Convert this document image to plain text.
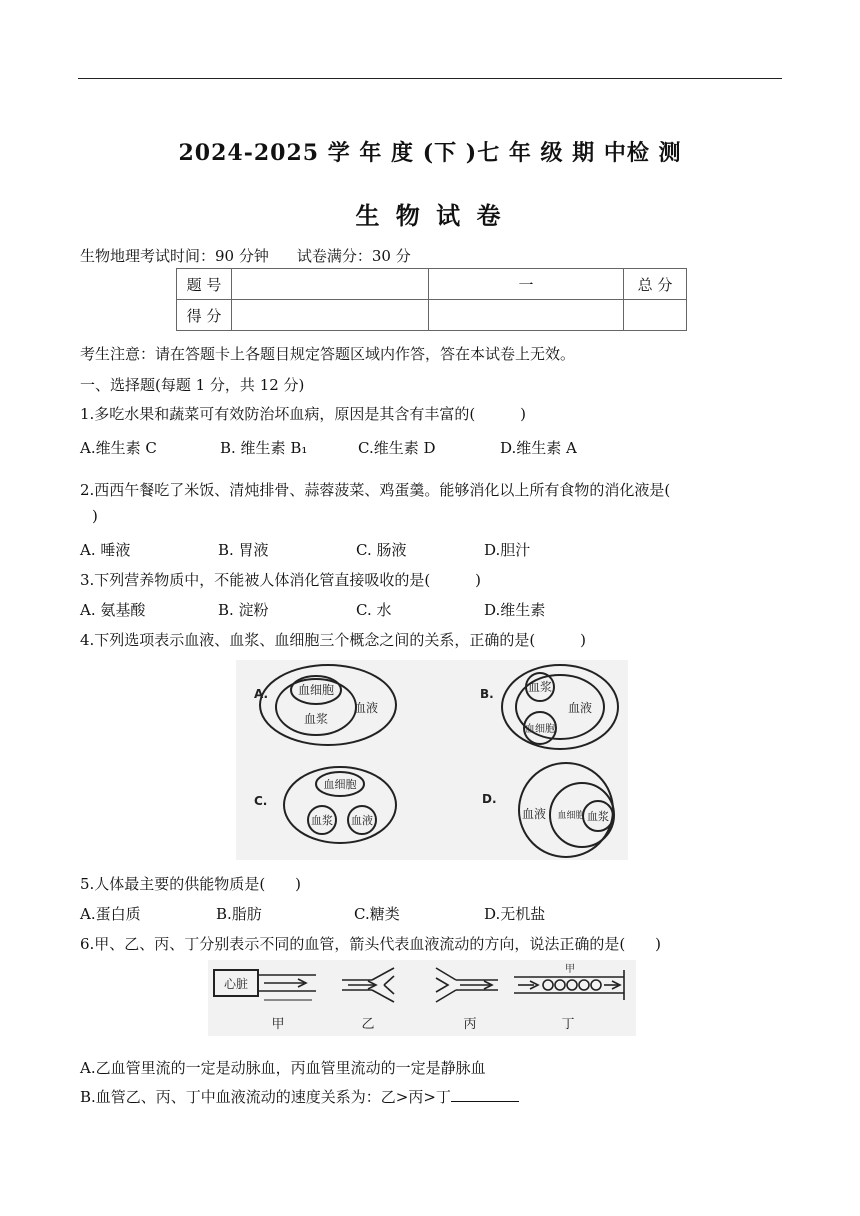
2024-2025 学 年 度 (下 )七 年 级 期 中检 测
生 物 试 卷
生物地理考试时间：90 分钟 试卷满分：30 分
题 号		一	总 分
得 分			
考生注意：请在答题卡上各题目规定答题区域内作答，答在本试卷上无效。
一、选择题(每题 1 分，共 12 分)
1.多吃水果和蔬菜可有效防治坏血病，原因是其含有丰富的(　　　)
A.维生素 C	B. 维生素 B₁	C.维生素 D	D.维生素 A
2.西西午餐吃了米饭、清炖排骨、蒜蓉菠菜、鸡蛋羹。能够消化以上所有食物的消化液是(
)
A. 唾液	B. 胃液	C. 肠液	D.胆汁
3.下列营养物质中，不能被人体消化管直接吸收的是(　　　)
A. 氨基酸	B. 淀粉	C. 水	D.维生素
4.下列选项表示血液、血浆、血细胞三个概念之间的关系，正确的是(　　　)
A. 血细胞
血浆
血液
B.	血浆
血液
血细胞
C.
血细胞
血浆 血液
D.
血液 血细胞 血浆
5.人体最主要的供能物质是(　　)
A.蛋白质	B.脂肪	C.糖类	D.无机盐
6.甲、乙、丙、丁分别表示不同的血管，箭头代表血液流动的方向，说法正确的是(　　)
心脏
甲	乙	丙
甲
丁
A.乙血管里流的一定是动脉血，丙血管里流动的一定是静脉血
B.血管乙、丙、丁中血液流动的速度关系为：乙>丙>丁
